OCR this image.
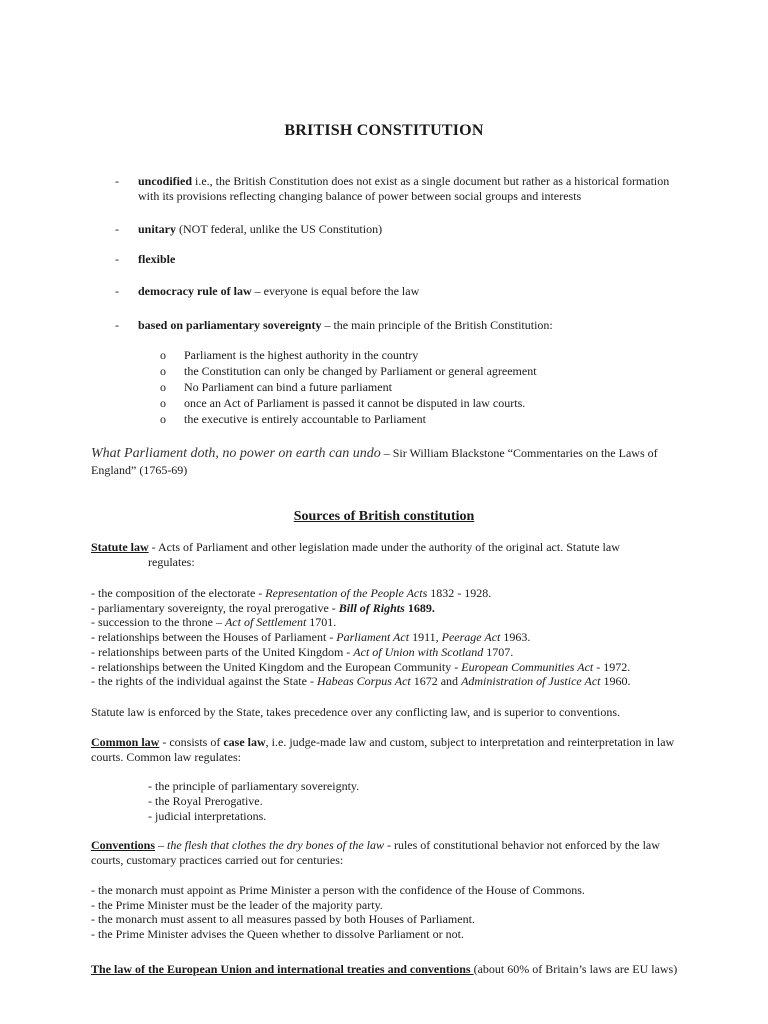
BRITISH CONSTITUTION
- uncodified i.e., the British Constitution does not exist as a single document but rather as a historical formation with its provisions reflecting changing balance of power between social groups and interests
- unitary (NOT federal, unlike the US Constitution)
- flexible
- democracy rule of law – everyone is equal before the law
- based on parliamentary sovereignty – the main principle of the British Constitution:
o Parliament is the highest authority in the country
o the Constitution can only be changed by Parliament or general agreement
o No Parliament can bind a future parliament
o once an Act of Parliament is passed it cannot be disputed in law courts.
o the executive is entirely accountable to Parliament
What Parliament doth, no power on earth can undo – Sir William Blackstone “Commentaries on the Laws of England” (1765-69)
Sources of British constitution
Statute law - Acts of Parliament and other legislation made under the authority of the original act. Statute law
regulates:
- the composition of the electorate - Representation of the People Acts 1832 - 1928.
- parliamentary sovereignty, the royal prerogative - Bill of Rights 1689.
- succession to the throne – Act of Settlement 1701.
- relationships between the Houses of Parliament - Parliament Act 1911, Peerage Act 1963.
- relationships between parts of the United Kingdom - Act of Union with Scotland 1707.
- relationships between the United Kingdom and the European Community - European Communities Act - 1972.
- the rights of the individual against the State - Habeas Corpus Act 1672 and Administration of Justice Act 1960.
Statute law is enforced by the State, takes precedence over any conflicting law, and is superior to conventions.
Common law - consists of case law, i.e. judge-made law and custom, subject to interpretation and reinterpretation in law courts. Common law regulates:
- the principle of parliamentary sovereignty.
- the Royal Prerogative.
- judicial interpretations.
Conventions – the flesh that clothes the dry bones of the law - rules of constitutional behavior not enforced by the law courts, customary practices carried out for centuries:
- the monarch must appoint as Prime Minister a person with the confidence of the House of Commons.
- the Prime Minister must be the leader of the majority party.
- the monarch must assent to all measures passed by both Houses of Parliament.
- the Prime Minister advises the Queen whether to dissolve Parliament or not.
The law of the European Union and international treaties and conventions (about 60% of Britain’s laws are EU laws)
